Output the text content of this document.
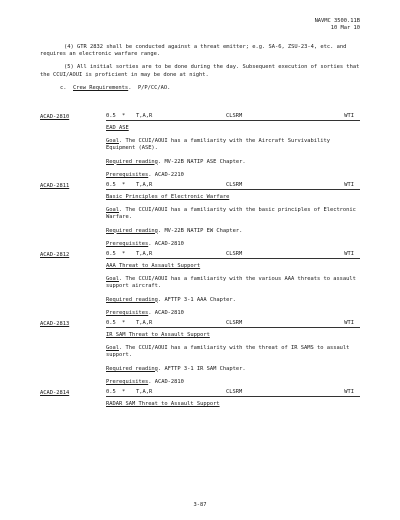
NAVMC 3500.11B
10 Mar 10

(4) GTR 2832 shall be conducted against a threat emitter; e.g. SA-6, ZSU-23-4, etc. and requires an electronic warfare range.

(5) All initial sorties are to be done during the day. Subsequent execution of sorties that the CCUI/AOUI is proficient in may be done at night.

c. Crew Requirements.  P/P/CC/AO.
ACAD-2810	0.5	*	T,A,R	CLSRM	WTI
EAD ASE

Goal. The CCUI/AOUI has a familiarity with the Aircraft Survivability Equipment (ASE).

Required reading. MV-22B NATIP ASE Chapter.

Prerequisites. ACAD-2210

ACAD-2811	0.5	*	T,A,R	CLSRM	WTI
Basic Principles of Electronic Warfare

Goal. The CCUI/AOUI has a familiarity with the basic principles of Electronic Warfare.

Required reading. MV-22B NATIP EW Chapter.

Prerequisites. ACAD-2810

ACAD-2812	0.5	*	T,A,R	CLSRM	WTI
AAA Threat to Assault Support

Goal. The CCUI/AOUI has a familiarity with the various AAA threats to assault support aircraft.

Required reading. AFTTP 3-1 AAA Chapter.

Prerequisites. ACAD-2810

ACAD-2813	0.5	*	T,A,R	CLSRM	WTI
IR SAM Threat to Assault Support

Goal. The CCUI/AOUI has a familiarity with the threat of IR SAMS to assault support.

Required reading. AFTTP 3-1 IR SAM Chapter.

Prerequisites. ACAD-2810

ACAD-2814	0.5	*	T,A,R	CLSRM	WTI
RADAR SAM Threat to Assault Support
3-87
